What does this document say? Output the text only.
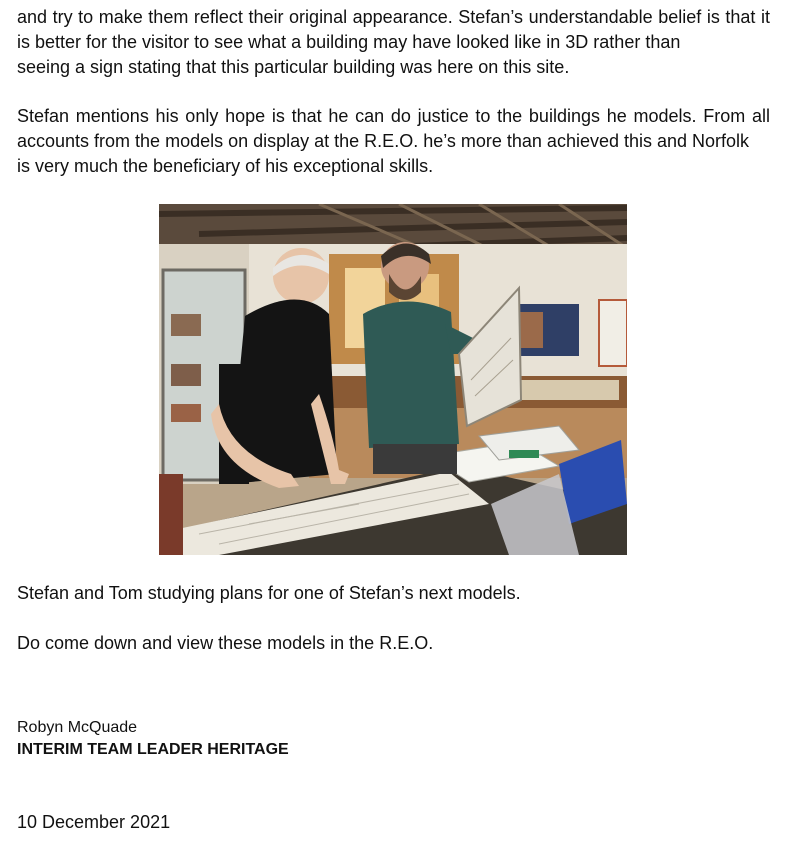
and try to make them reflect their original appearance. Stefan’s understandable belief is that it is better for the visitor to see what a building may have looked like in 3D rather than
seeing a sign stating that this particular building was here on this site.

Stefan mentions his only hope is that he can do justice to the buildings he models. From all accounts from the models on display at the R.E.O. he’s more than achieved this and Norfolk
is very much the beneficiary of his exceptional skills.

Stefan and Tom studying plans for one of Stefan’s next models.

Do come down and view these models in the R.E.O.

Robyn McQuade

INTERIM TEAM LEADER HERITAGE

10 December 2021
